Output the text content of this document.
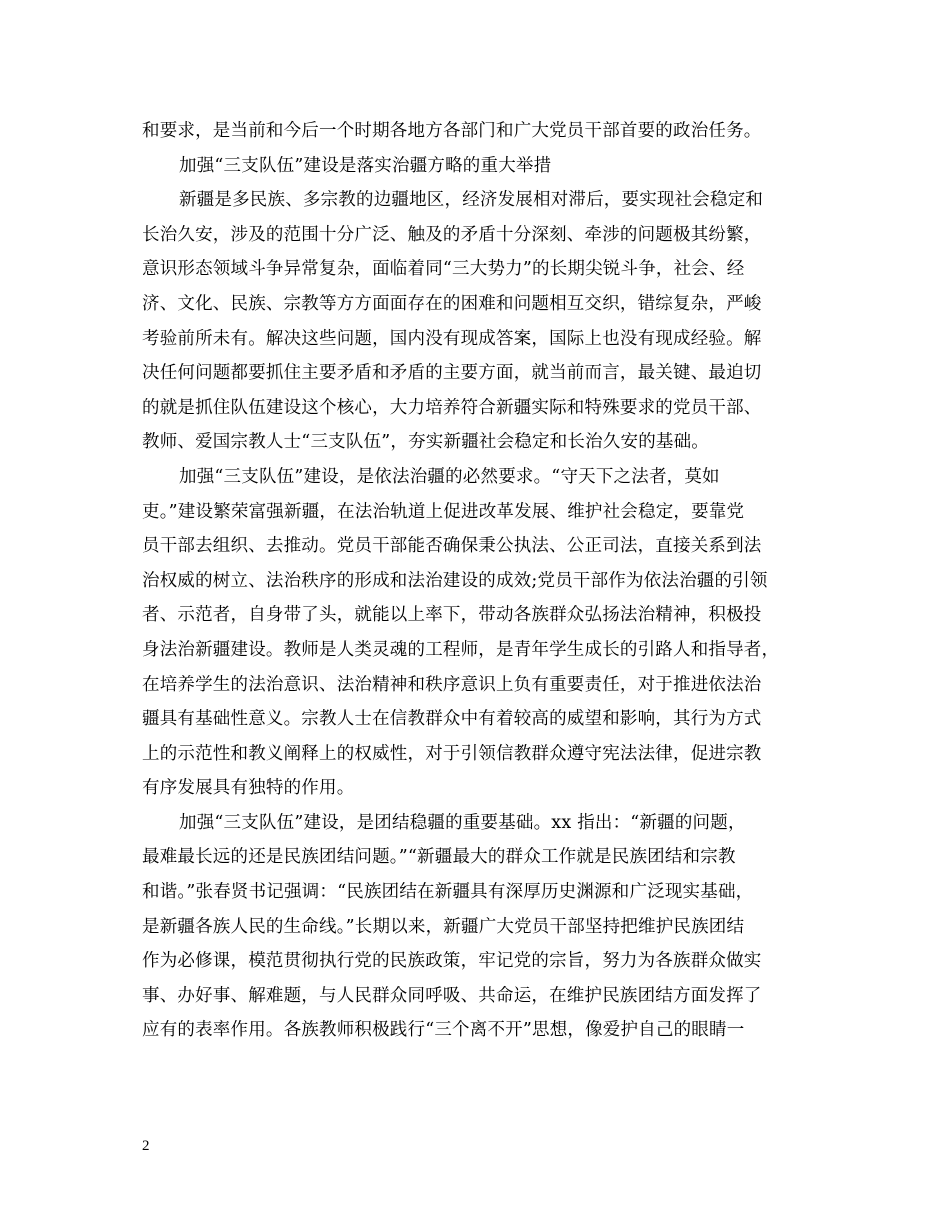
和要求，是当前和今后一个时期各地方各部门和广大党员干部首要的政治任务。
加强“三支队伍”建设是落实治疆方略的重大举措
新疆是多民族、多宗教的边疆地区，经济发展相对滞后，要实现社会稳定和
长治久安，涉及的范围十分广泛、触及的矛盾十分深刻、牵涉的问题极其纷繁，
意识形态领域斗争异常复杂，面临着同“三大势力”的长期尖锐斗争，社会、经
济、文化、民族、宗教等方方面面存在的困难和问题相互交织，错综复杂，严峻
考验前所未有。解决这些问题，国内没有现成答案，国际上也没有现成经验。解
决任何问题都要抓住主要矛盾和矛盾的主要方面，就当前而言，最关键、最迫切
的就是抓住队伍建设这个核心，大力培养符合新疆实际和特殊要求的党员干部、
教师、爱国宗教人士“三支队伍”，夯实新疆社会稳定和长治久安的基础。
加强“三支队伍”建设，是依法治疆的必然要求。“守天下之法者，莫如
吏。”建设繁荣富强新疆，在法治轨道上促进改革发展、维护社会稳定，要靠党
员干部去组织、去推动。党员干部能否确保秉公执法、公正司法，直接关系到法
治权威的树立、法治秩序的形成和法治建设的成效;党员干部作为依法治疆的引领
者、示范者，自身带了头，就能以上率下，带动各族群众弘扬法治精神，积极投
身法治新疆建设。教师是人类灵魂的工程师，是青年学生成长的引路人和指导者，
在培养学生的法治意识、法治精神和秩序意识上负有重要责任，对于推进依法治
疆具有基础性意义。宗教人士在信教群众中有着较高的威望和影响，其行为方式
上的示范性和教义阐释上的权威性，对于引领信教群众遵守宪法法律，促进宗教
有序发展具有独特的作用。
加强“三支队伍”建设，是团结稳疆的重要基础。xx 指出：“新疆的问题，
最难最长远的还是民族团结问题。”“新疆最大的群众工作就是民族团结和宗教
和谐。”张春贤书记强调：“民族团结在新疆具有深厚历史渊源和广泛现实基础，
是新疆各族人民的生命线。”长期以来，新疆广大党员干部坚持把维护民族团结
作为必修课，模范贯彻执行党的民族政策，牢记党的宗旨，努力为各族群众做实
事、办好事、解难题，与人民群众同呼吸、共命运，在维护民族团结方面发挥了
应有的表率作用。各族教师积极践行“三个离不开”思想，像爱护自己的眼睛一
2
